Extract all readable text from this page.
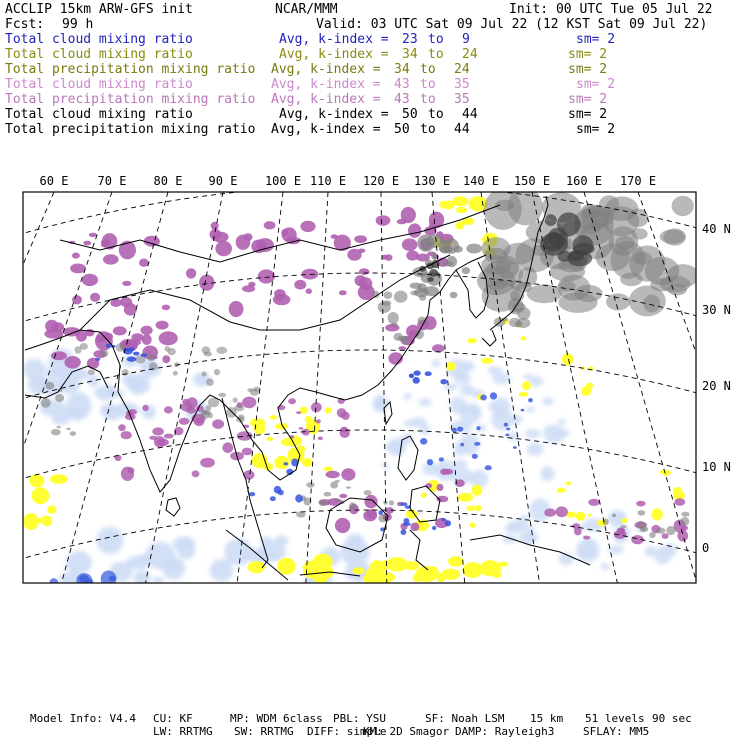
ACCLIP 15km ARW-GFS init	NCAR/MMM	Init: 00 UTC Tue 05 Jul 22
Fcst: 99 h	Valid: 03 UTC Sat 09 Jul 22 (12 KST Sat 09 Jul 22)
Total cloud mixing ratio	Avg, k-index = 23 to 9	sm= 2
Total cloud mixing ratio	Avg, k-index = 34 to 24	sm= 2
Total precipitation mixing ratio Avg, k-index = 34 to 24	sm= 2
Total cloud mixing ratio	Avg, k-index = 43 to 35	sm= 2
Total precipitation mixing ratio Avg, k-index = 43 to 35	sm= 2
Total cloud mixing ratio	Avg, k-index = 50 to 44	sm= 2
Total precipitation mixing ratio Avg, k-index = 50 to 44	sm= 2
60 E 70 E 80 E 90 E 100 E 110 E 120 E 130 E 140 E 150 E 160 E 170 E
40 N
30 N
20 N
10 N
0
Model Info: V4.4 CU: KF	MP: WDM 6class PBL: YSU	SF: Noah LSM 15 km 51 levels 90 sec
LW: RRTMG SW: RRTMG DIFF: simple
KM: 2D Smagor DAMP: Rayleigh3	SFLAY: MM5
